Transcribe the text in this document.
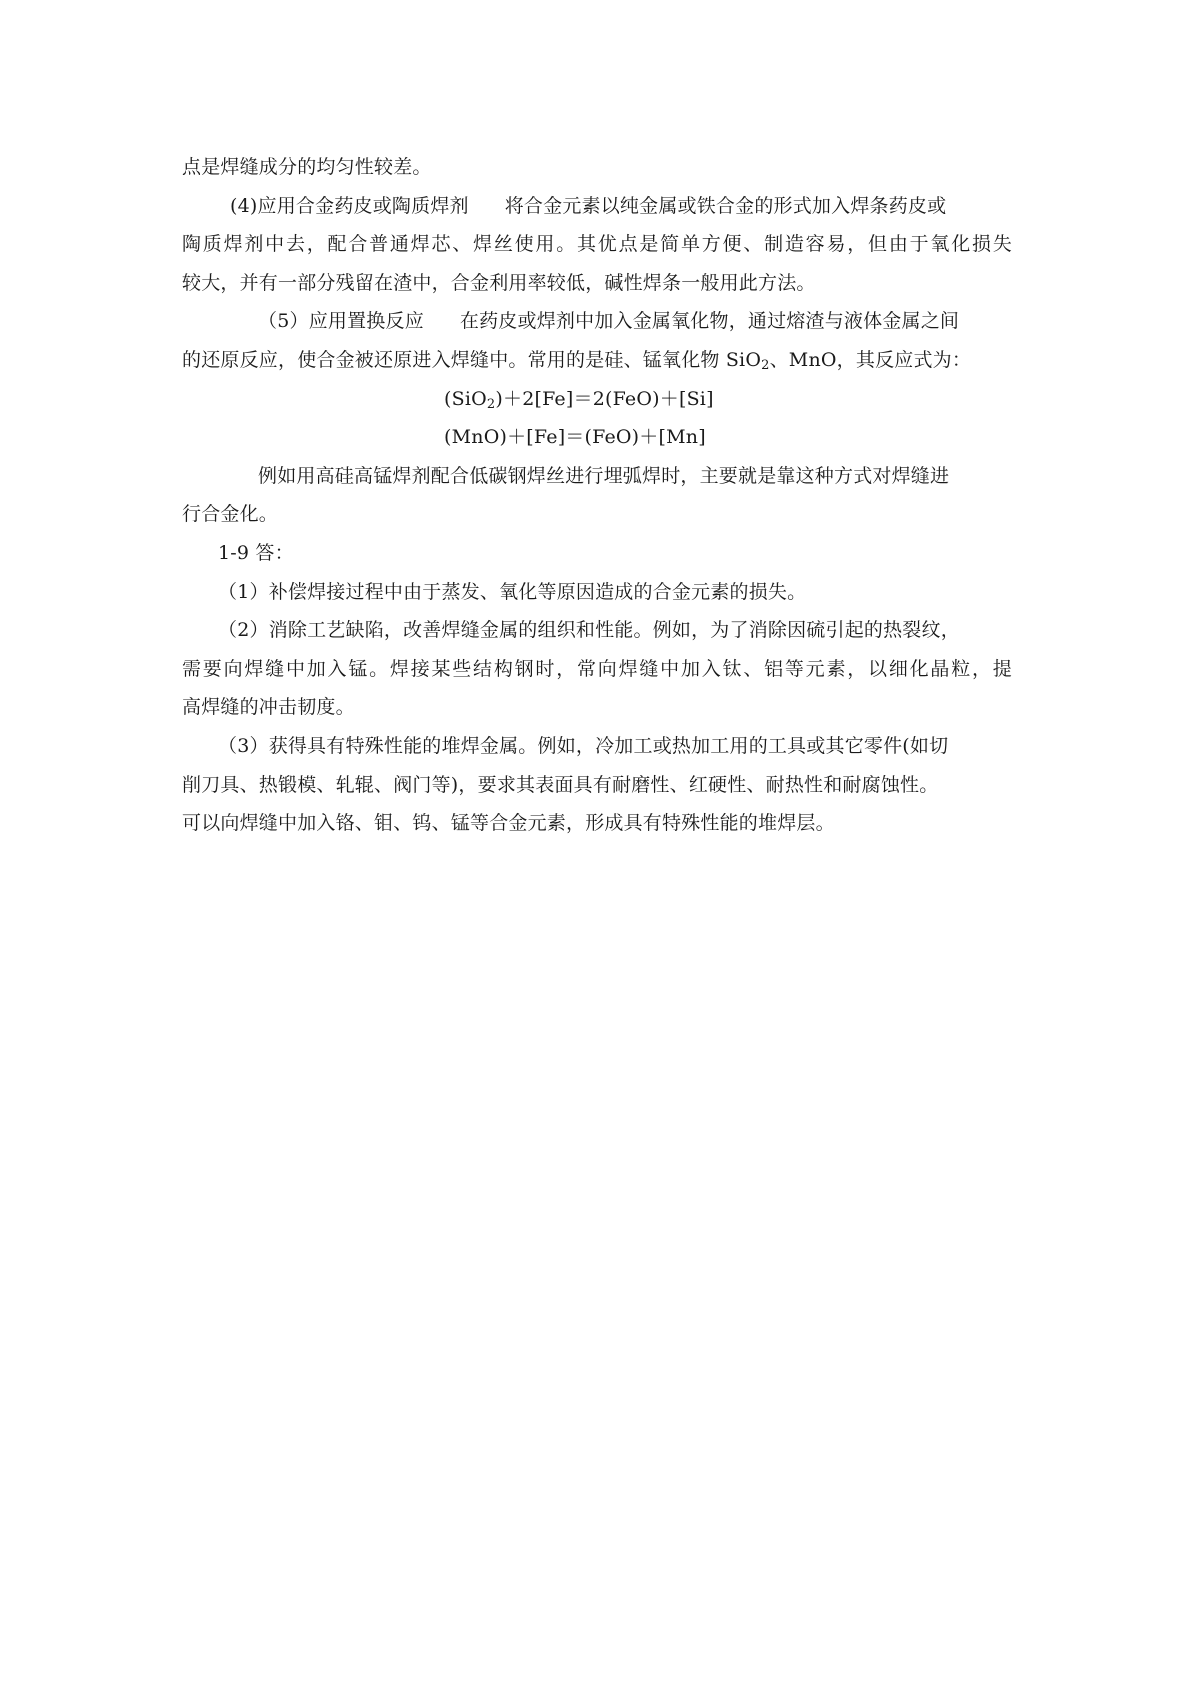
点是焊缝成分的均匀性较差。
(4)应用合金药皮或陶质焊剂 将合金元素以纯金属或铁合金的形式加入焊条药皮或
陶质焊剂中去，配合普通焊芯、焊丝使用。其优点是简单方便、制造容易，但由于氧化损失
较大，并有一部分残留在渣中，合金利用率较低，碱性焊条一般用此方法。
（5）应用置换反应 在药皮或焊剂中加入金属氧化物，通过熔渣与液体金属之间
的还原反应，使合金被还原进入焊缝中。常用的是硅、锰氧化物 SiO$_2$、MnO，其反应式为：
(SiO$_2$)＋2[Fe]＝2(FeO)＋[Si]
(MnO)＋[Fe]＝(FeO)＋[Mn]
例如用高硅高锰焊剂配合低碳钢焊丝进行埋弧焊时，主要就是靠这种方式对焊缝进
行合金化。
1-9 答：
（1）补偿焊接过程中由于蒸发、氧化等原因造成的合金元素的损失。
（2）消除工艺缺陷，改善焊缝金属的组织和性能。例如，为了消除因硫引起的热裂纹，
需要向焊缝中加入锰。焊接某些结构钢时，常向焊缝中加入钛、铝等元素，以细化晶粒，提
高焊缝的冲击韧度。
（3）获得具有特殊性能的堆焊金属。例如，冷加工或热加工用的工具或其它零件(如切
削刀具、热锻模、轧辊、阀门等)，要求其表面具有耐磨性、红硬性、耐热性和耐腐蚀性。
可以向焊缝中加入铬、钼、钨、锰等合金元素，形成具有特殊性能的堆焊层。
